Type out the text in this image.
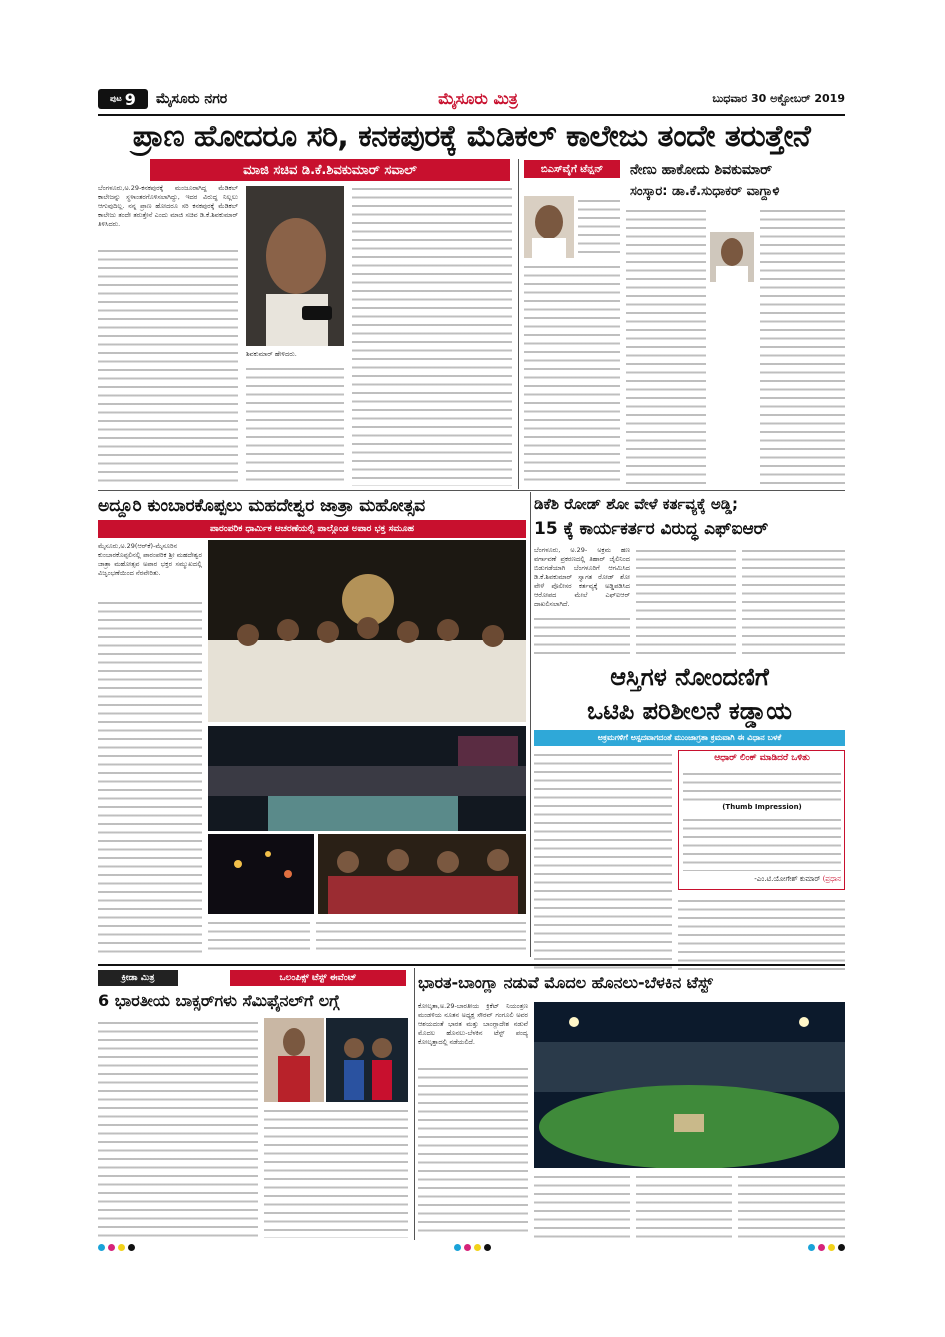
ಪುಟ 9 ಮೈಸೂರು ನಗರ	ಮೈಸೂರು ಮಿತ್ರ	ಬುಧವಾರ 30 ಅಕ್ಟೋಬರ್ 2019
ಪ್ರಾಣ ಹೋದರೂ ಸರಿ, ಕನಕಪುರಕ್ಕೆ ಮೆಡಿಕಲ್ ಕಾಲೇಜು ತಂದೇ ತರುತ್ತೇನೆ
ಮಾಜಿ ಸಚಿವ ಡಿ.ಕೆ.ಶಿವಕುಮಾರ್ ಸವಾಲ್
ಬೆಂಗಳೂರು,ಅ.29-ಕನಕಪುರಕ್ಕೆ ಮಂಜೂರಾಗಿದ್ದ ಮೆಡಿಕಲ್ ಕಾಲೇಜನ್ನು ಸ್ಥಳಾಂತರಗೊಳಿಸಲಾಗಿದ್ದು, ಇದರ ವಿರುದ್ಧ ನಿಲ್ಲಲು ಆಗುವುದಿಲ್ಲ. ನನ್ನ ಪ್ರಾಣ ಹೋದರೂ ಸರಿ ಕನಕಪುರಕ್ಕೆ ಮೆಡಿಕಲ್ ಕಾಲೇಜು ತಂದೇ ತರುತ್ತೇನೆ ಎಂದು ಮಾಜಿ ಸಚಿವ ಡಿ.ಕೆ.ಶಿವಕುಮಾರ್ ತಿಳಿಸಿದರು.
ಶಿವಕುಮಾರ್ ಹೇಳಿದರು.
ಬಿಎಸ್‌ವೈಗೆ ಟೆನ್ಷನ್ ನೇಣು ಹಾಕೋದು ಶಿವಕುಮಾರ್
ಸಂಸ್ಕಾರ: ಡಾ.ಕೆ.ಸುಧಾಕರ್ ವಾಗ್ದಾಳಿ
ಅದ್ದೂರಿ ಕುಂಬಾರಕೊಪ್ಪಲು ಮಹದೇಶ್ವರ ಜಾತ್ರಾ ಮಹೋತ್ಸವ
ಪಾರಂಪರಿಕ ಧಾರ್ಮಿಕ ಆಚರಣೆಯಲ್ಲಿ ಪಾಲ್ಗೊಂಡ ಅಪಾರ ಭಕ್ತ ಸಮೂಹ
ಮೈಸೂರು,ಅ.29(ಆರ್‌ಕೆ)-ಮೈಸೂರಿನ ಕುಂಬಾರಕೊಪ್ಪಲಿನಲ್ಲಿ ಪಾರಂಪರಿಕ ಶ್ರೀ ಮಹದೇಶ್ವರ ಜಾತ್ರಾ ಮಹೋತ್ಸವ ಅಪಾರ ಭಕ್ತರ ಸಮ್ಮುಖದಲ್ಲಿ ವಿಜೃಂಭಣೆಯಿಂದ ನೆರವೇರಿತು.
ಡಿಕೆಶಿ ರೋಡ್ ಶೋ ವೇಳೆ ಕರ್ತವ್ಯಕ್ಕೆ ಅಡ್ಡಿ;
15 ಕ್ಕೆ ಕಾರ್ಯಕರ್ತರ ವಿರುದ್ಧ ಎಫ್‌ಐಆರ್
ಬೆಂಗಳೂರು, ಅ.29- ಅಕ್ರಮ ಹಣ ವರ್ಗಾವಣೆ ಪ್ರಕರಣದಲ್ಲಿ ತಿಹಾರ್ ಜೈಲಿನಿಂದ ಬಿಡುಗಡೆಯಾಗಿ ಬೆಂಗಳೂರಿಗೆ ಆಗಮಿಸಿದ ಡಿ.ಕೆ.ಶಿವಕುಮಾರ್ ಸ್ವಾಗತ ರೋಡ್ ಶೋ ವೇಳೆ ಪೊಲೀಸರ ಕರ್ತವ್ಯಕ್ಕೆ ಅಡ್ಡಿಪಡಿಸಿದ ಆರೋಪದ ಮೇಲೆ ಎಫ್‌ಐಆರ್ ದಾಖಲಿಸಲಾಗಿದೆ.
ಆಸ್ತಿಗಳ ನೋಂದಣಿಗೆ
ಒಟಿಪಿ ಪರಿಶೀಲನೆ ಕಡ್ಡಾಯ
ಅಕ್ರಮಗಳಿಗೆ ಅಸ್ಪದವಾಗದಂತೆ ಮುಂಜಾಗ್ರತಾ ಕ್ರಮವಾಗಿ ಈ ವಿಧಾನ ಬಳಕೆ
ಆಧಾರ್ ಲಿಂಕ್ ಮಾಡಿದರೆ ಒಳಿತು
(Thumb Impression)
-ಎಂ.ಟಿ.ಯೋಗೇಶ್ ಕುಮಾರ್ (ಪ್ರಧಾನ
ಕ್ರೀಡಾ ಮಿತ್ರ	ಒಲಂಪಿಕ್ಸ್ ಟೆಸ್ಟ್ ಈವೆಂಟ್
6 ಭಾರತೀಯ ಬಾಕ್ಸರ್‌ಗಳು ಸೆಮಿಫೈನಲ್‌ಗೆ ಲಗ್ಗೆ
ಭಾರತ-ಬಾಂಗ್ಲಾ ನಡುವೆ ಮೊದಲ ಹೊನಲು-ಬೆಳಕಿನ ಟೆಸ್ಟ್
ಕೋಲ್ಕತಾ,ಅ.29-ಬಾರತೀಯ ಕ್ರಿಕೆಟ್ ನಿಯಂತ್ರಣ ಮಂಡಳಿಯ ನೂತನ ಅಧ್ಯಕ್ಷ ಸೌರವ್ ಗಂಗೂಲಿ ಅವರ ಆಶಯದಂತೆ ಭಾರತ ಮತ್ತು ಬಾಂಗ್ಲಾದೇಶ ನಡುವೆ ಮೊದಲ ಹೊನಲು-ಬೆಳಕಿನ ಟೆಸ್ಟ್ ಪಂದ್ಯ ಕೋಲ್ಕತ್ತಾದಲ್ಲಿ ನಡೆಯಲಿದೆ.
